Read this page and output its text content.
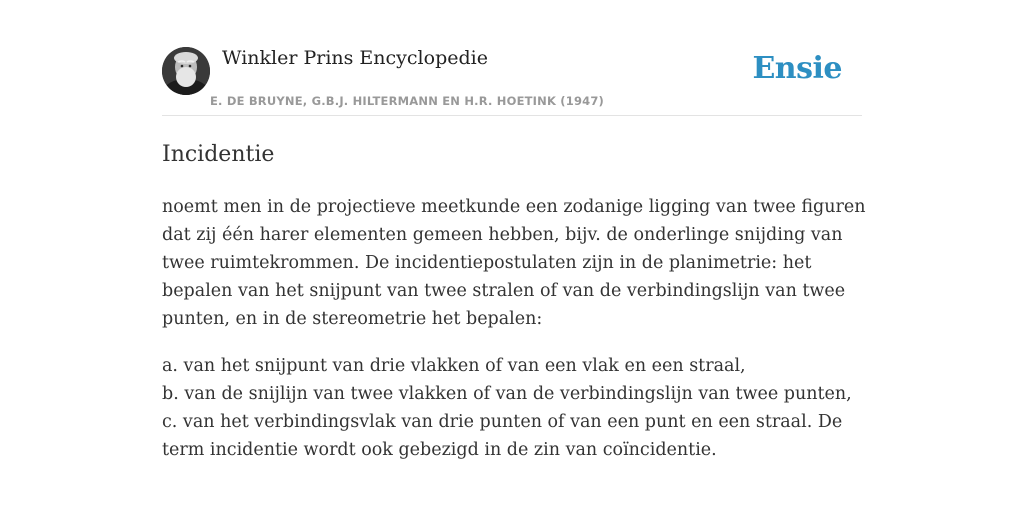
Winkler Prins Encyclopedie
E. DE BRUYNE, G.B.J. HILTERMANN EN H.R. HOETINK (1947)
Ensie
Incidentie

noemt men in de projectieve meetkunde een zodanige ligging van twee figuren dat zij één harer elementen gemeen hebben, bijv. de onderlinge snijding van twee ruimtekrommen. De incidentiepostulaten zijn in de planimetrie: het bepalen van het snijpunt van twee stralen of van de verbindingslijn van twee punten, en in de stereometrie het bepalen:

a. van het snijpunt van drie vlakken of van een vlak en een straal,
b. van de snijlijn van twee vlakken of van de verbindingslijn van twee punten,
c. van het verbindingsvlak van drie punten of van een punt en een straal. De term incidentie wordt ook gebezigd in de zin van coïncidentie.
